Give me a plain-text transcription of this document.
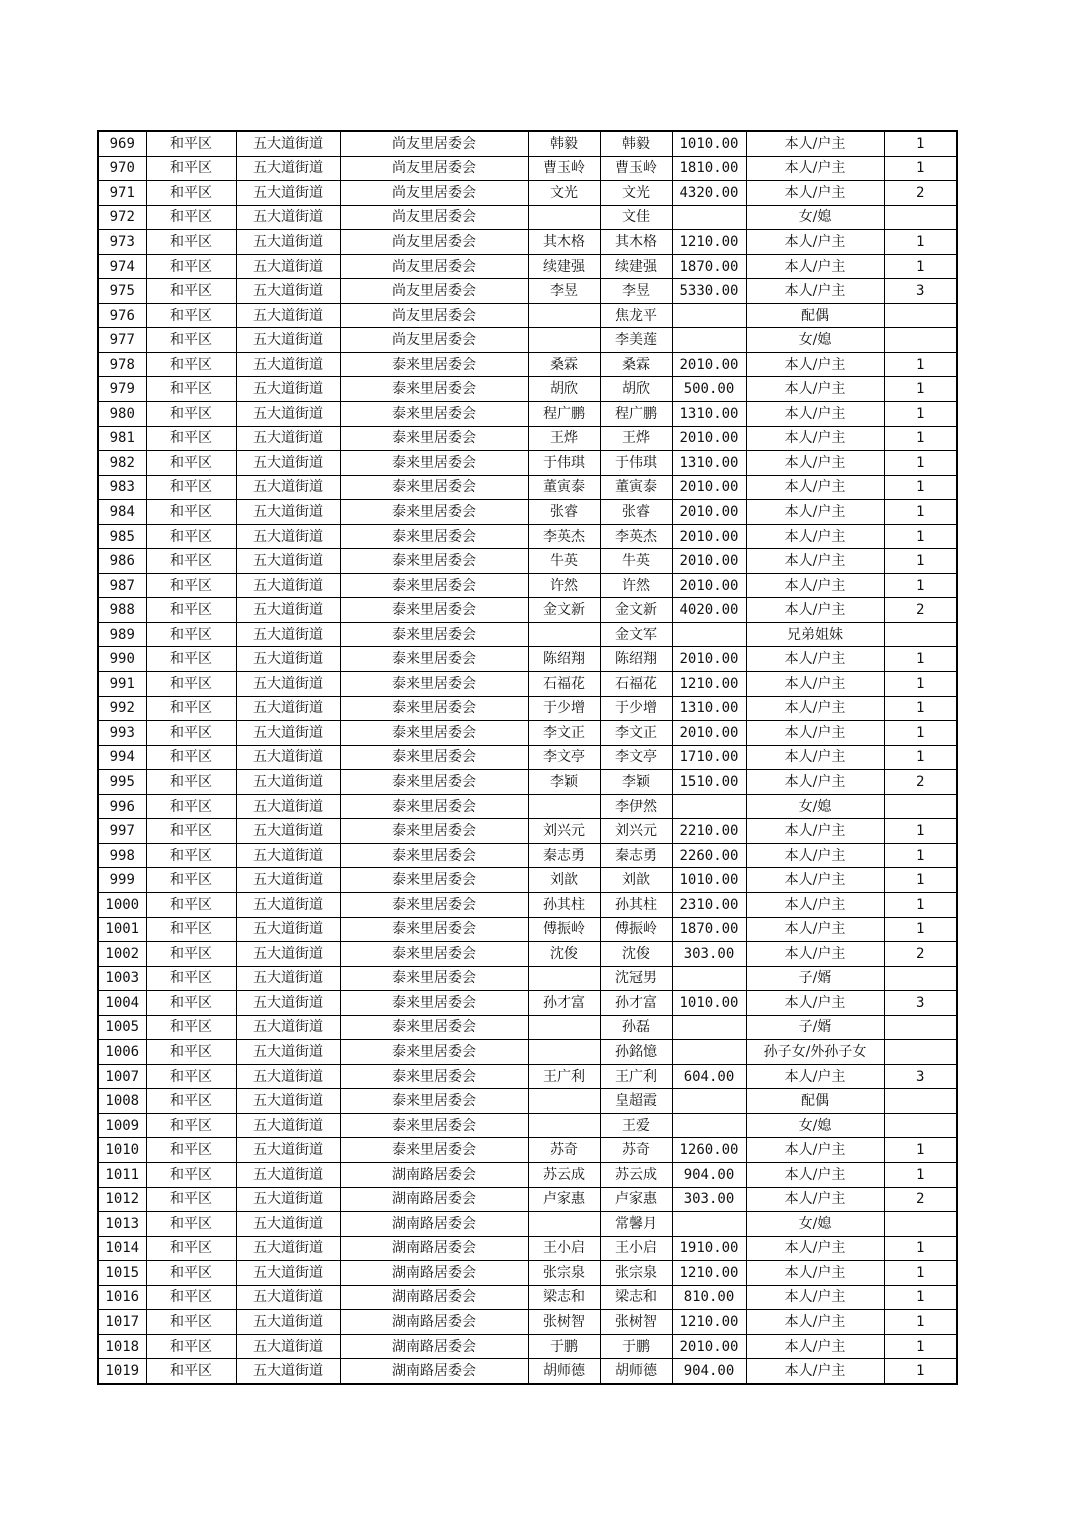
969	和平区	五大道街道	尚友里居委会	韩毅	韩毅	1010.00	本人/户主	1
970	和平区	五大道街道	尚友里居委会	曹玉岭	曹玉岭	1810.00	本人/户主	1
971	和平区	五大道街道	尚友里居委会	文光	文光	4320.00	本人/户主	2
972	和平区	五大道街道	尚友里居委会		文佳		女/媳	
973	和平区	五大道街道	尚友里居委会	其木格	其木格	1210.00	本人/户主	1
974	和平区	五大道街道	尚友里居委会	续建强	续建强	1870.00	本人/户主	1
975	和平区	五大道街道	尚友里居委会	李昱	李昱	5330.00	本人/户主	3
976	和平区	五大道街道	尚友里居委会		焦龙平		配偶	
977	和平区	五大道街道	尚友里居委会		李美莲		女/媳	
978	和平区	五大道街道	泰来里居委会	桑霖	桑霖	2010.00	本人/户主	1
979	和平区	五大道街道	泰来里居委会	胡欣	胡欣	500.00	本人/户主	1
980	和平区	五大道街道	泰来里居委会	程广鹏	程广鹏	1310.00	本人/户主	1
981	和平区	五大道街道	泰来里居委会	王烨	王烨	2010.00	本人/户主	1
982	和平区	五大道街道	泰来里居委会	于伟琪	于伟琪	1310.00	本人/户主	1
983	和平区	五大道街道	泰来里居委会	董寅泰	董寅泰	2010.00	本人/户主	1
984	和平区	五大道街道	泰来里居委会	张睿	张睿	2010.00	本人/户主	1
985	和平区	五大道街道	泰来里居委会	李英杰	李英杰	2010.00	本人/户主	1
986	和平区	五大道街道	泰来里居委会	牛英	牛英	2010.00	本人/户主	1
987	和平区	五大道街道	泰来里居委会	许然	许然	2010.00	本人/户主	1
988	和平区	五大道街道	泰来里居委会	金文新	金文新	4020.00	本人/户主	2
989	和平区	五大道街道	泰来里居委会		金文军		兄弟姐妹	
990	和平区	五大道街道	泰来里居委会	陈绍翔	陈绍翔	2010.00	本人/户主	1
991	和平区	五大道街道	泰来里居委会	石福花	石福花	1210.00	本人/户主	1
992	和平区	五大道街道	泰来里居委会	于少增	于少增	1310.00	本人/户主	1
993	和平区	五大道街道	泰来里居委会	李文正	李文正	2010.00	本人/户主	1
994	和平区	五大道街道	泰来里居委会	李文亭	李文亭	1710.00	本人/户主	1
995	和平区	五大道街道	泰来里居委会	李颖	李颖	1510.00	本人/户主	2
996	和平区	五大道街道	泰来里居委会		李伊然		女/媳	
997	和平区	五大道街道	泰来里居委会	刘兴元	刘兴元	2210.00	本人/户主	1
998	和平区	五大道街道	泰来里居委会	秦志勇	秦志勇	2260.00	本人/户主	1
999	和平区	五大道街道	泰来里居委会	刘歆	刘歆	1010.00	本人/户主	1
1000	和平区	五大道街道	泰来里居委会	孙其柱	孙其柱	2310.00	本人/户主	1
1001	和平区	五大道街道	泰来里居委会	傅振岭	傅振岭	1870.00	本人/户主	1
1002	和平区	五大道街道	泰来里居委会	沈俊	沈俊	303.00	本人/户主	2
1003	和平区	五大道街道	泰来里居委会		沈冠男		子/婿	
1004	和平区	五大道街道	泰来里居委会	孙才富	孙才富	1010.00	本人/户主	3
1005	和平区	五大道街道	泰来里居委会		孙磊		子/婿	
1006	和平区	五大道街道	泰来里居委会		孙銘憶		孙子女/外孙子女	
1007	和平区	五大道街道	泰来里居委会	王广利	王广利	604.00	本人/户主	3
1008	和平区	五大道街道	泰来里居委会		皇超霞		配偶	
1009	和平区	五大道街道	泰来里居委会		王爱		女/媳	
1010	和平区	五大道街道	泰来里居委会	苏奇	苏奇	1260.00	本人/户主	1
1011	和平区	五大道街道	湖南路居委会	苏云成	苏云成	904.00	本人/户主	1
1012	和平区	五大道街道	湖南路居委会	卢家惠	卢家惠	303.00	本人/户主	2
1013	和平区	五大道街道	湖南路居委会		常馨月		女/媳	
1014	和平区	五大道街道	湖南路居委会	王小启	王小启	1910.00	本人/户主	1
1015	和平区	五大道街道	湖南路居委会	张宗泉	张宗泉	1210.00	本人/户主	1
1016	和平区	五大道街道	湖南路居委会	梁志和	梁志和	810.00	本人/户主	1
1017	和平区	五大道街道	湖南路居委会	张树智	张树智	1210.00	本人/户主	1
1018	和平区	五大道街道	湖南路居委会	于鹏	于鹏	2010.00	本人/户主	1
1019	和平区	五大道街道	湖南路居委会	胡师德	胡师德	904.00	本人/户主	1
